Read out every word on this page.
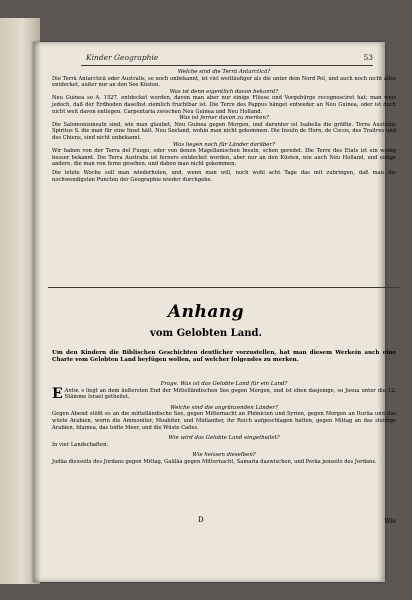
Kinder Geographie	53

Welche sind die Terrä Antarcticä?

Die Terrä Antarcticä oder Australis, so noch unbekannt, ist viel weitläufiger als die unter dem Nord Pol, und auch noch nicht alles entdecket, außer nur an den See Küsten.

Was ist denn eigentlich davon bekannt?

Neu Guinea so A. 1527. entdecket worden, davon man aber nur einige Flüsse und Vorgebürge recognosciret hat; man weis jedoch, daß der Erdboden daselbst ziemlich fruchtbar ist. Die Terre des Pappus hänget entweder an Neu Guinea, oder ist doch nicht weit davon entlegen. Carpentaria zwischen Neu Guinea und Neu Holland.

Was ist ferner davon zu merken?

Die Salomonisinsuln sind, wie man glaubet, Neu Guinea gegen Morgen, und darunter ist Isabella die größte. Terra Australis Spiritus S. die man für eine Insel hält. Neu Seeland, wohin man nicht gekommen. Die Insuln de Horn, de Cocos, des Traitres und des Chiens, sind nicht unbekannt.

Was liegen noch für Länder darüber?

Wir haben von der Terra del Fuego, oder von denen Magellanischen Insuln, schon geredet. Die Terre des Etats ist ein wenig besser bekannt. Die Terra Australis ist ferners entdecket worden, aber nur an den Küsten, wie auch Neu Holland, und einige andere, die man von ferne gesehen, und daben man nicht gekommen.

Die letzte Woche soll man wiederholen, und, wenn man will, noch wohl acht Tage das mit zubringen, daß man die nochwendigsten Puncten der Geographie wieder durchgehe.

Anhang
vom Gelobten Land.

Um den Kindern die Biblischen Geschichten deutlicher vorzustellen, hat man diesem Werkein auch eine Charte vom Gelobten Land beyfügen wollen, auf welcher folgendes zu merken.

Frage. Was ist das Gelobte Land für ein Land?

Antw.
E	s liegt an dem äußersten End der Mittelländischen See gegen Morgen, und ist eben dasjenige, so Josua unter die 12. Stämme Israel getheilet.

Welche sind die angränzenden Länder?

Gegen Abend stößt es an die mittelländische See, gegen Mitternacht an Phönicien und Syrien, gegen Morgen an Ituräa und das wüste Arabien, worin die Ammoniter, Moabiter, und Midianiter, ihr Reich aufgeschlagen hatten, gegen Mittag an das steinige Arabien, Idumea, das todte Meer, und die Wüste Cades.

Wie wird das Gelobte Land eingetheilet?

In vier Landschaften.

Wie heissen dieselben?

Judäa diesseits des Jordans gegen Mittag, Galiläa gegen Mitternacht, Samaria dazwischen, und Peräa jenseits des Jordans.

D	Wie
